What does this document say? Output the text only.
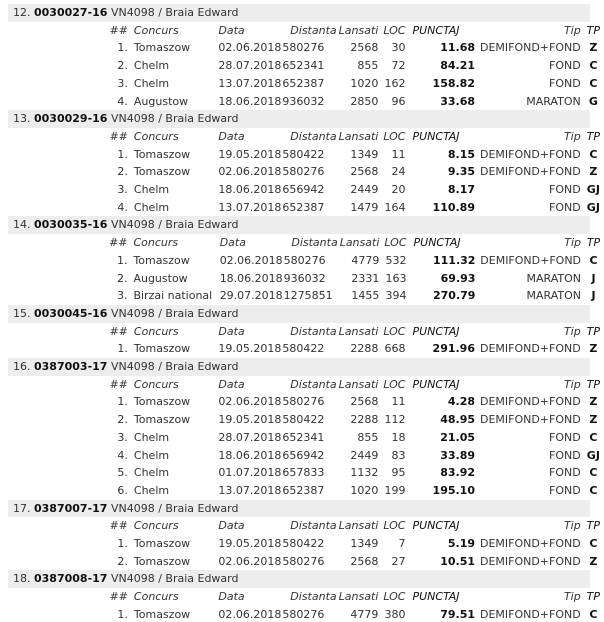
12. 0030027-16 VN4098 / Braia Edward
##	Concurs	Data	Distanta	Lansati	LOC	PUNCTAJ	Tip	TP
1.	Tomaszow	02.06.2018	580276	2568	30	11.68	DEMIFOND+FOND	Z
2.	Chelm	28.07.2018	652341	855	72	84.21	FOND	C
3.	Chelm	13.07.2018	652387	1020	162	158.82	FOND	C
4.	Augustow	18.06.2018	936032	2850	96	33.68	MARATON	G
13. 0030029-16 VN4098 / Braia Edward
##	Concurs	Data	Distanta	Lansati	LOC	PUNCTAJ	Tip	TP
1.	Tomaszow	19.05.2018	580422	1349	11	8.15	DEMIFOND+FOND	C
2.	Tomaszow	02.06.2018	580276	2568	24	9.35	DEMIFOND+FOND	Z
3.	Chelm	18.06.2018	656942	2449	20	8.17	FOND	GJ
4.	Chelm	13.07.2018	652387	1479	164	110.89	FOND	GJ
14. 0030035-16 VN4098 / Braia Edward
##	Concurs	Data	Distanta	Lansati	LOC	PUNCTAJ	Tip	TP
1.	Tomaszow	02.06.2018	580276	4779	532	111.32	DEMIFOND+FOND	C
2.	Augustow	18.06.2018	936032	2331	163	69.93	MARATON	J
3.	Birzai national	29.07.2018	1275851	1455	394	270.79	MARATON	J
15. 0030045-16 VN4098 / Braia Edward
##	Concurs	Data	Distanta	Lansati	LOC	PUNCTAJ	Tip	TP
1.	Tomaszow	19.05.2018	580422	2288	668	291.96	DEMIFOND+FOND	Z
16. 0387003-17 VN4098 / Braia Edward
##	Concurs	Data	Distanta	Lansati	LOC	PUNCTAJ	Tip	TP
1.	Tomaszow	02.06.2018	580276	2568	11	4.28	DEMIFOND+FOND	Z
2.	Tomaszow	19.05.2018	580422	2288	112	48.95	DEMIFOND+FOND	Z
3.	Chelm	28.07.2018	652341	855	18	21.05	FOND	C
4.	Chelm	18.06.2018	656942	2449	83	33.89	FOND	GJ
5.	Chelm	01.07.2018	657833	1132	95	83.92	FOND	C
6.	Chelm	13.07.2018	652387	1020	199	195.10	FOND	C
17. 0387007-17 VN4098 / Braia Edward
##	Concurs	Data	Distanta	Lansati	LOC	PUNCTAJ	Tip	TP
1.	Tomaszow	19.05.2018	580422	1349	7	5.19	DEMIFOND+FOND	C
2.	Tomaszow	02.06.2018	580276	2568	27	10.51	DEMIFOND+FOND	Z
18. 0387008-17 VN4098 / Braia Edward
##	Concurs	Data	Distanta	Lansati	LOC	PUNCTAJ	Tip	TP
1.	Tomaszow	02.06.2018	580276	4779	380	79.51	DEMIFOND+FOND	C
